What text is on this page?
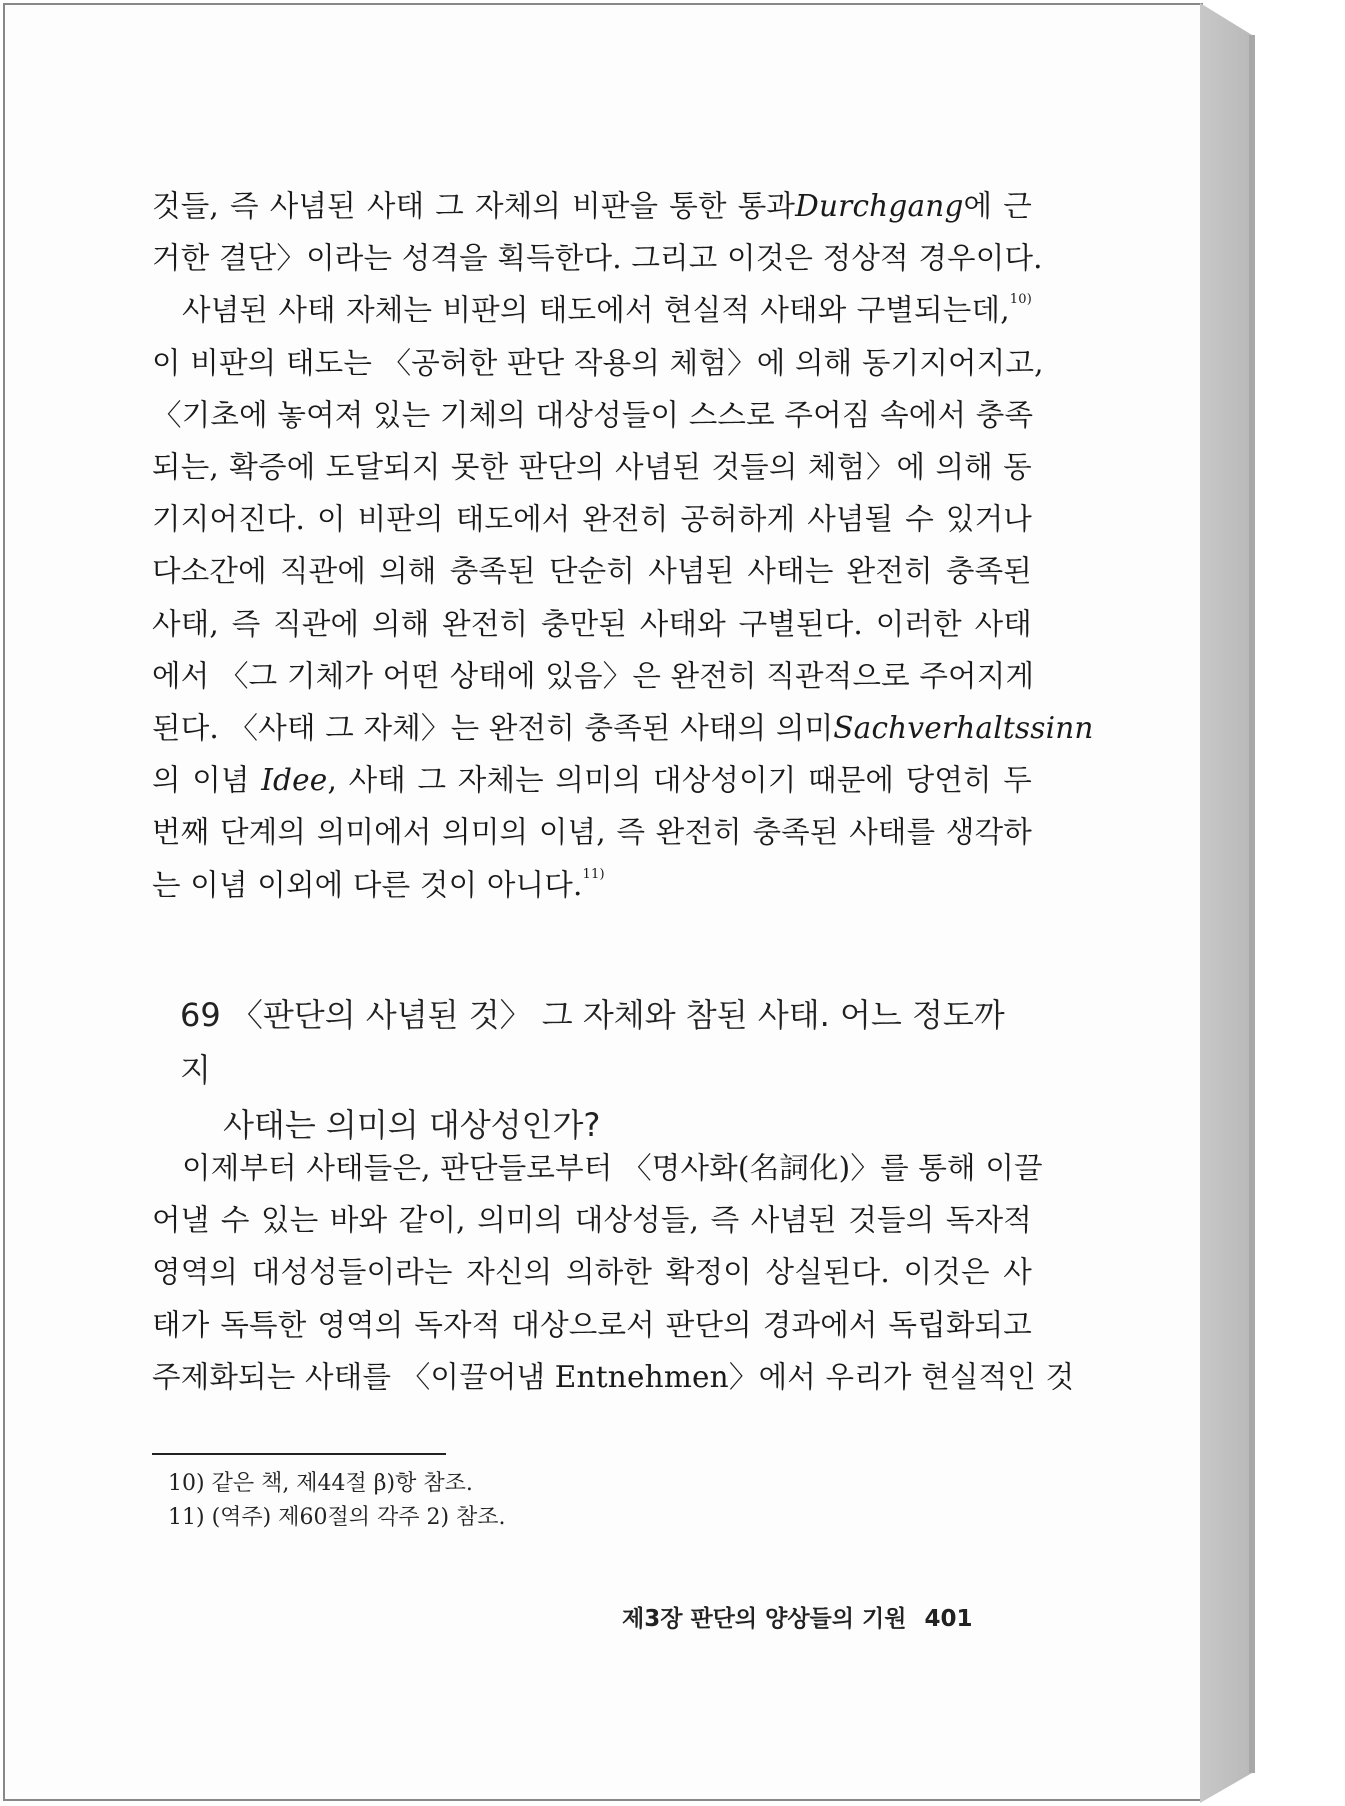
것들, 즉 사념된 사태 그 자체의 비판을 통한 통과Durchgang에 근
거한 결단〉이라는 성격을 획득한다. 그리고 이것은 정상적 경우이다.
사념된 사태 자체는 비판의 태도에서 현실적 사태와 구별되는데,$^{10)}$
이 비판의 태도는 〈공허한 판단 작용의 체험〉에 의해 동기지어지고,
〈기초에 놓여져 있는 기체의 대상성들이 스스로 주어짐 속에서 충족
되는, 확증에 도달되지 못한 판단의 사념된 것들의 체험〉에 의해 동
기지어진다. 이 비판의 태도에서 완전히 공허하게 사념될 수 있거나
다소간에 직관에 의해 충족된 단순히 사념된 사태는 완전히 충족된
사태, 즉 직관에 의해 완전히 충만된 사태와 구별된다. 이러한 사태
에서 〈그 기체가 어떤 상태에 있음〉은 완전히 직관적으로 주어지게
된다. 〈사태 그 자체〉는 완전히 충족된 사태의 의미Sachverhaltssinn
의 이념 Idee, 사태 그 자체는 의미의 대상성이기 때문에 당연히 두
번째 단계의 의미에서 의미의 이념, 즉 완전히 충족된 사태를 생각하
는 이념 이외에 다른 것이 아니다.$^{11)}$
69 〈판단의 사념된 것〉 그 자체와 참된 사태. 어느 정도까지
사태는 의미의 대상성인가?
이제부터 사태들은, 판단들로부터 〈명사화(名詞化)〉를 통해 이끌
어낼 수 있는 바와 같이, 의미의 대상성들, 즉 사념된 것들의 독자적
영역의 대성성들이라는 자신의 의하한 확정이 상실된다. 이것은 사
태가 독특한 영역의 독자적 대상으로서 판단의 경과에서 독립화되고
주제화되는 사태를 〈이끌어냄 Entnehmen〉에서 우리가 현실적인 것
10) 같은 책, 제44절 β)항 참조.
11) (역주) 제60절의 각주 2) 참조.
제3장 판단의 양상들의 기원 401
